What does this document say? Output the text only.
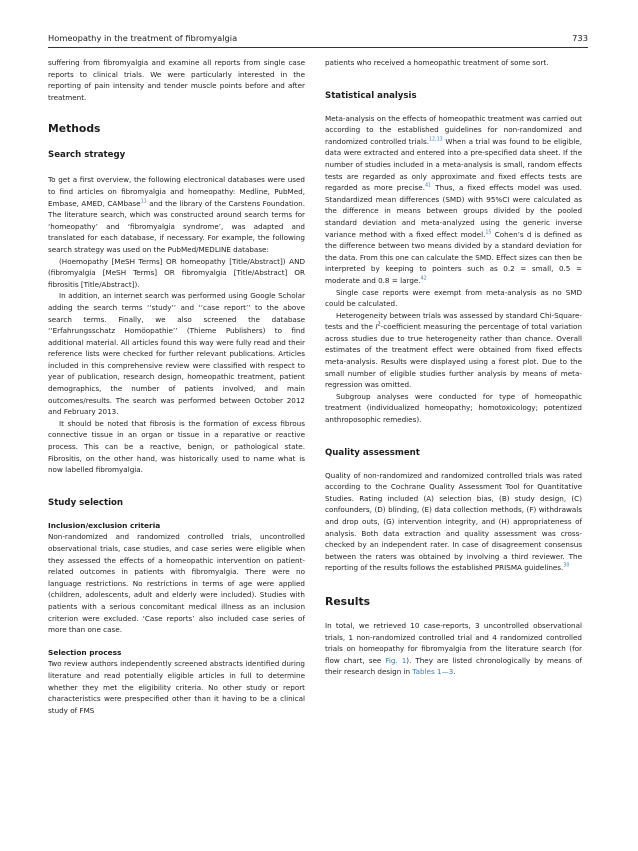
Homeopathy in the treatment of fibromyalgia	733

suffering from fibromyalgia and examine all reports from single case reports to clinical trials. We were particularly interested in the reporting of pain intensity and tender muscle points before and after treatment.

Methods
Search strategy

To get a first overview, the following electronical databases were used to find articles on fibromyalgia and homeopathy: Medline, PubMed, Embase, AMED, CAMbase$^{11}$ and the library of the Carstens Foundation. The literature search, which was constructed around search terms for ‘homeopathy’ and ‘fibromyalgia syndrome’, was adapted and translated for each database, if necessary. For example, the following search strategy was used on the PubMed/MEDLINE database:

(Hoemopathy [MeSH Terms] OR homeopathy [Title/Abstract]) AND (fibromyalgia [MeSH Terms] OR fibromyalgia [Title/Abstract] OR fibrositis [Title/Abstract]).

In addition, an internet search was performed using Google Scholar adding the search terms ‘‘study’’ and ‘‘case report’’ to the above search terms. Finally, we also screened the database ‘‘Erfahrungsschatz Homöopathie’’ (Thieme Publishers) to find additional material. All articles found this way were fully read and their reference lists were checked for further relevant publications. Articles included in this comprehensive review were classified with respect to year of publication, research design, homeopathic treatment, patient demographics, the number of patients involved, and main outcomes/results. The search was performed between October 2012 and February 2013.

It should be noted that fibrosis is the formation of excess fibrous connective tissue in an organ or tissue in a reparative or reactive process. This can be a reactive, benign, or pathological state. Fibrositis, on the other hand, was historically used to name what is now labelled fibromyalgia.

Study selection
Inclusion/exclusion criteria

Non-randomized and randomized controlled trials, uncontrolled observational trials, case studies, and case series were eligible when they assessed the effects of a homeopathic intervention on patient-related outcomes in patients with fibromyalgia. There were no language restrictions. No restrictions in terms of age were applied (children, adolescents, adult and elderly were included). Studies with patients with a serious concomitant medical illness as an inclusion criterion were excluded. ‘Case reports’ also included case series of more than one case.

Selection process

Two review authors independently screened abstracts identified during literature and read potentially eligible articles in full to determine whether they met the eligibility criteria. No other study or report characteristics were prespecified other than it having to be a clinical study of FMS

patients who received a homeopathic treatment of some sort.

Statistical analysis

Meta-analysis on the effects of homeopathic treatment was carried out according to the established guidelines for non-randomized and randomized controlled trials.$^{12,13}$ When a trial was found to be eligible, data were extracted and entered into a pre-specified data sheet. If the number of studies included in a meta-analysis is small, random effects tests are regarded as only approximate and fixed effects tests are regarded as more precise.$^{41}$ Thus, a fixed effects model was used. Standardized mean differences (SMD) with 95%CI were calculated as the difference in means between groups divided by the pooled standard deviation and meta-analyzed using the generic inverse variance method with a fixed effect model.$^{15}$ Cohen’s d is defined as the difference between two means divided by a standard deviation for the data. From this one can calculate the SMD. Effect sizes can then be interpreted by keeping to pointers such as 0.2 = small, 0.5 = moderate and 0.8 = large.$^{42}$

Single case reports were exempt from meta-analysis as no SMD could be calculated.

Heterogeneity between trials was assessed by standard Chi-Square-tests and the $I^2$-coefficient measuring the percentage of total variation across studies due to true heterogeneity rather than chance. Overall estimates of the treatment effect were obtained from fixed effects meta-analysis. Results were displayed using a forest plot. Due to the small number of eligible studies further analysis by means of meta-regression was omitted.

Subgroup analyses were conducted for type of homeopathic treatment (individualized homeopathy; homotoxicology; potentized anthroposophic remedies).

Quality assessment

Quality of non-randomized and randomized controlled trials was rated according to the Cochrane Quality Assessment Tool for Quantitative Studies. Rating included (A) selection bias, (B) study design, (C) confounders, (D) blinding, (E) data collection methods, (F) withdrawals and drop outs, (G) intervention integrity, and (H) appropriateness of analysis. Both data extraction and quality assessment was cross-checked by an independent rater. In case of disagreement consensus between the raters was obtained by involving a third reviewer. The reporting of the results follows the established PRISMA guidelines.$^{30}$

Results

In total, we retrieved 10 case-reports, 3 uncontrolled observational trials, 1 non-randomized controlled trial and 4 randomized controlled trials on homeopathy for fibromyalgia from the literature search (for flow chart, see Fig. 1). They are listed chronologically by means of their research design in Tables 1—3.
